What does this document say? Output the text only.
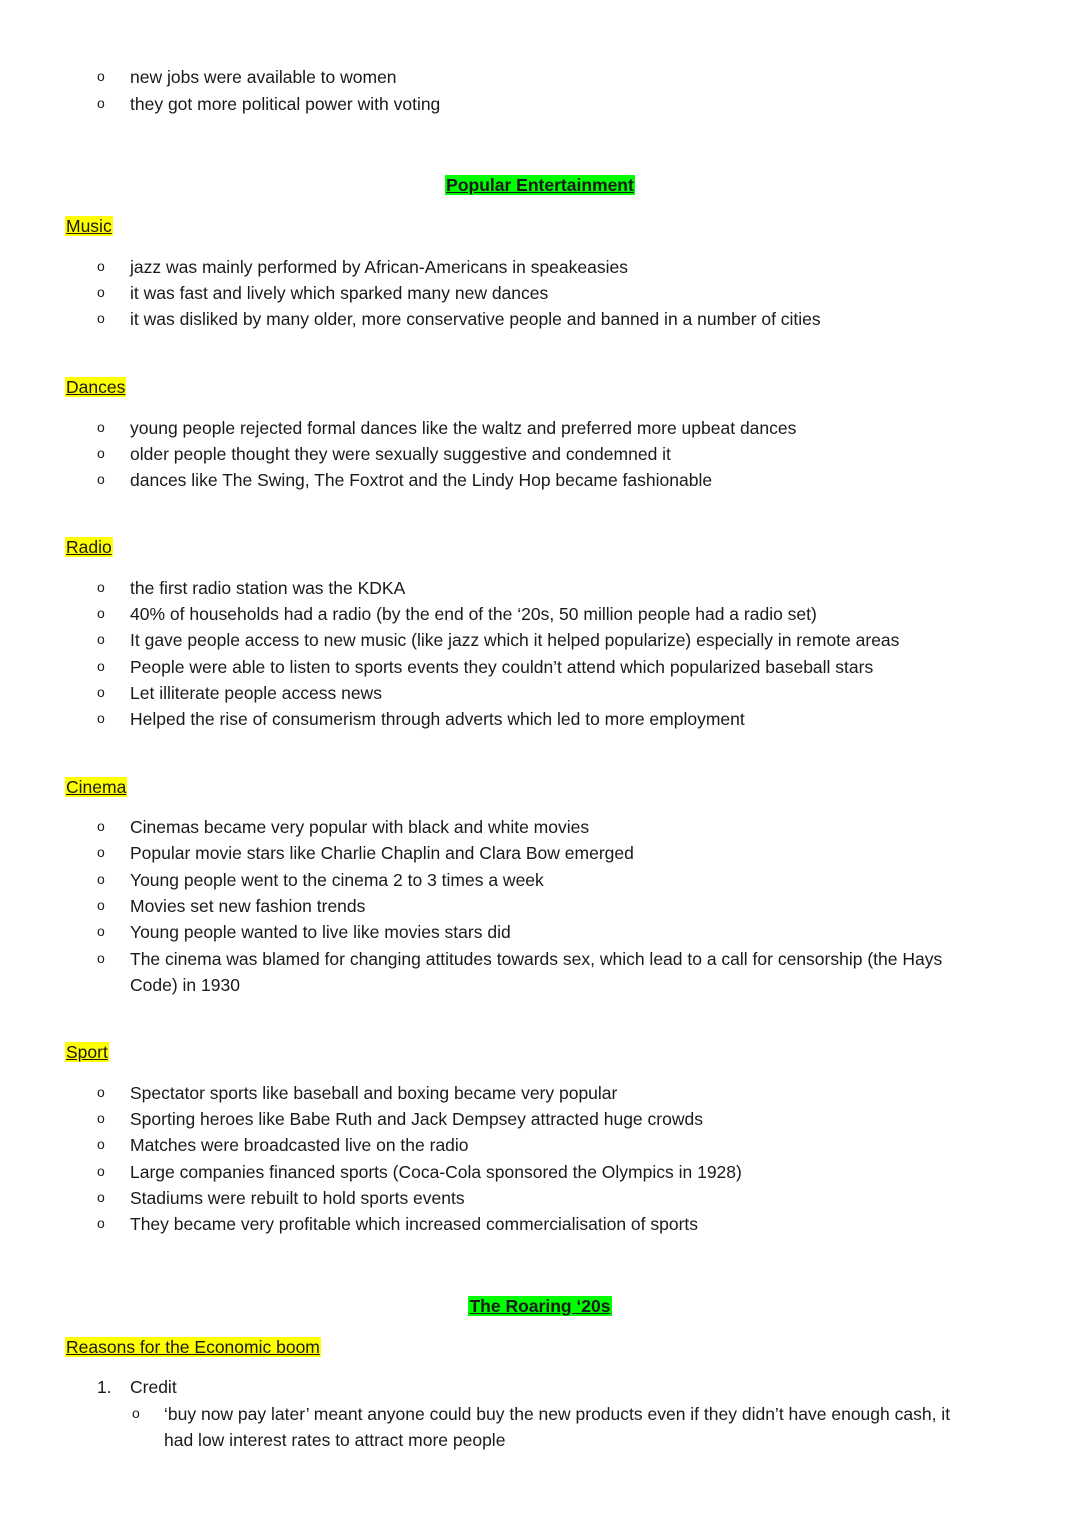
o new jobs were available to women
o they got more political power with voting
Popular Entertainment
Music
o jazz was mainly performed by African-Americans in speakeasies
o it was fast and lively which sparked many new dances
o it was disliked by many older, more conservative people and banned in a number of cities
Dances
o young people rejected formal dances like the waltz and preferred more upbeat dances
o older people thought they were sexually suggestive and condemned it
o dances like The Swing, The Foxtrot and the Lindy Hop became fashionable
Radio
o the first radio station was the KDKA
o 40% of households had a radio (by the end of the ‘20s, 50 million people had a radio set)
o It gave people access to new music (like jazz which it helped popularize) especially in remote areas
o People were able to listen to sports events they couldn’t attend which popularized baseball stars
o Let illiterate people access news
o Helped the rise of consumerism through adverts which led to more employment
Cinema
o Cinemas became very popular with black and white movies
o Popular movie stars like Charlie Chaplin and Clara Bow emerged
o Young people went to the cinema 2 to 3 times a week
o Movies set new fashion trends
o Young people wanted to live like movies stars did
o The cinema was blamed for changing attitudes towards sex, which lead to a call for censorship (the Hays
Code) in 1930
Sport
o Spectator sports like baseball and boxing became very popular
o Sporting heroes like Babe Ruth and Jack Dempsey attracted huge crowds
o Matches were broadcasted live on the radio
o Large companies financed sports (Coca-Cola sponsored the Olympics in 1928)
o Stadiums were rebuilt to hold sports events
o They became very profitable which increased commercialisation of sports
The Roaring ‘20s
Reasons for the Economic boom
1. Credit
o ‘buy now pay later’ meant anyone could buy the new products even if they didn’t have enough cash, it
had low interest rates to attract more people
